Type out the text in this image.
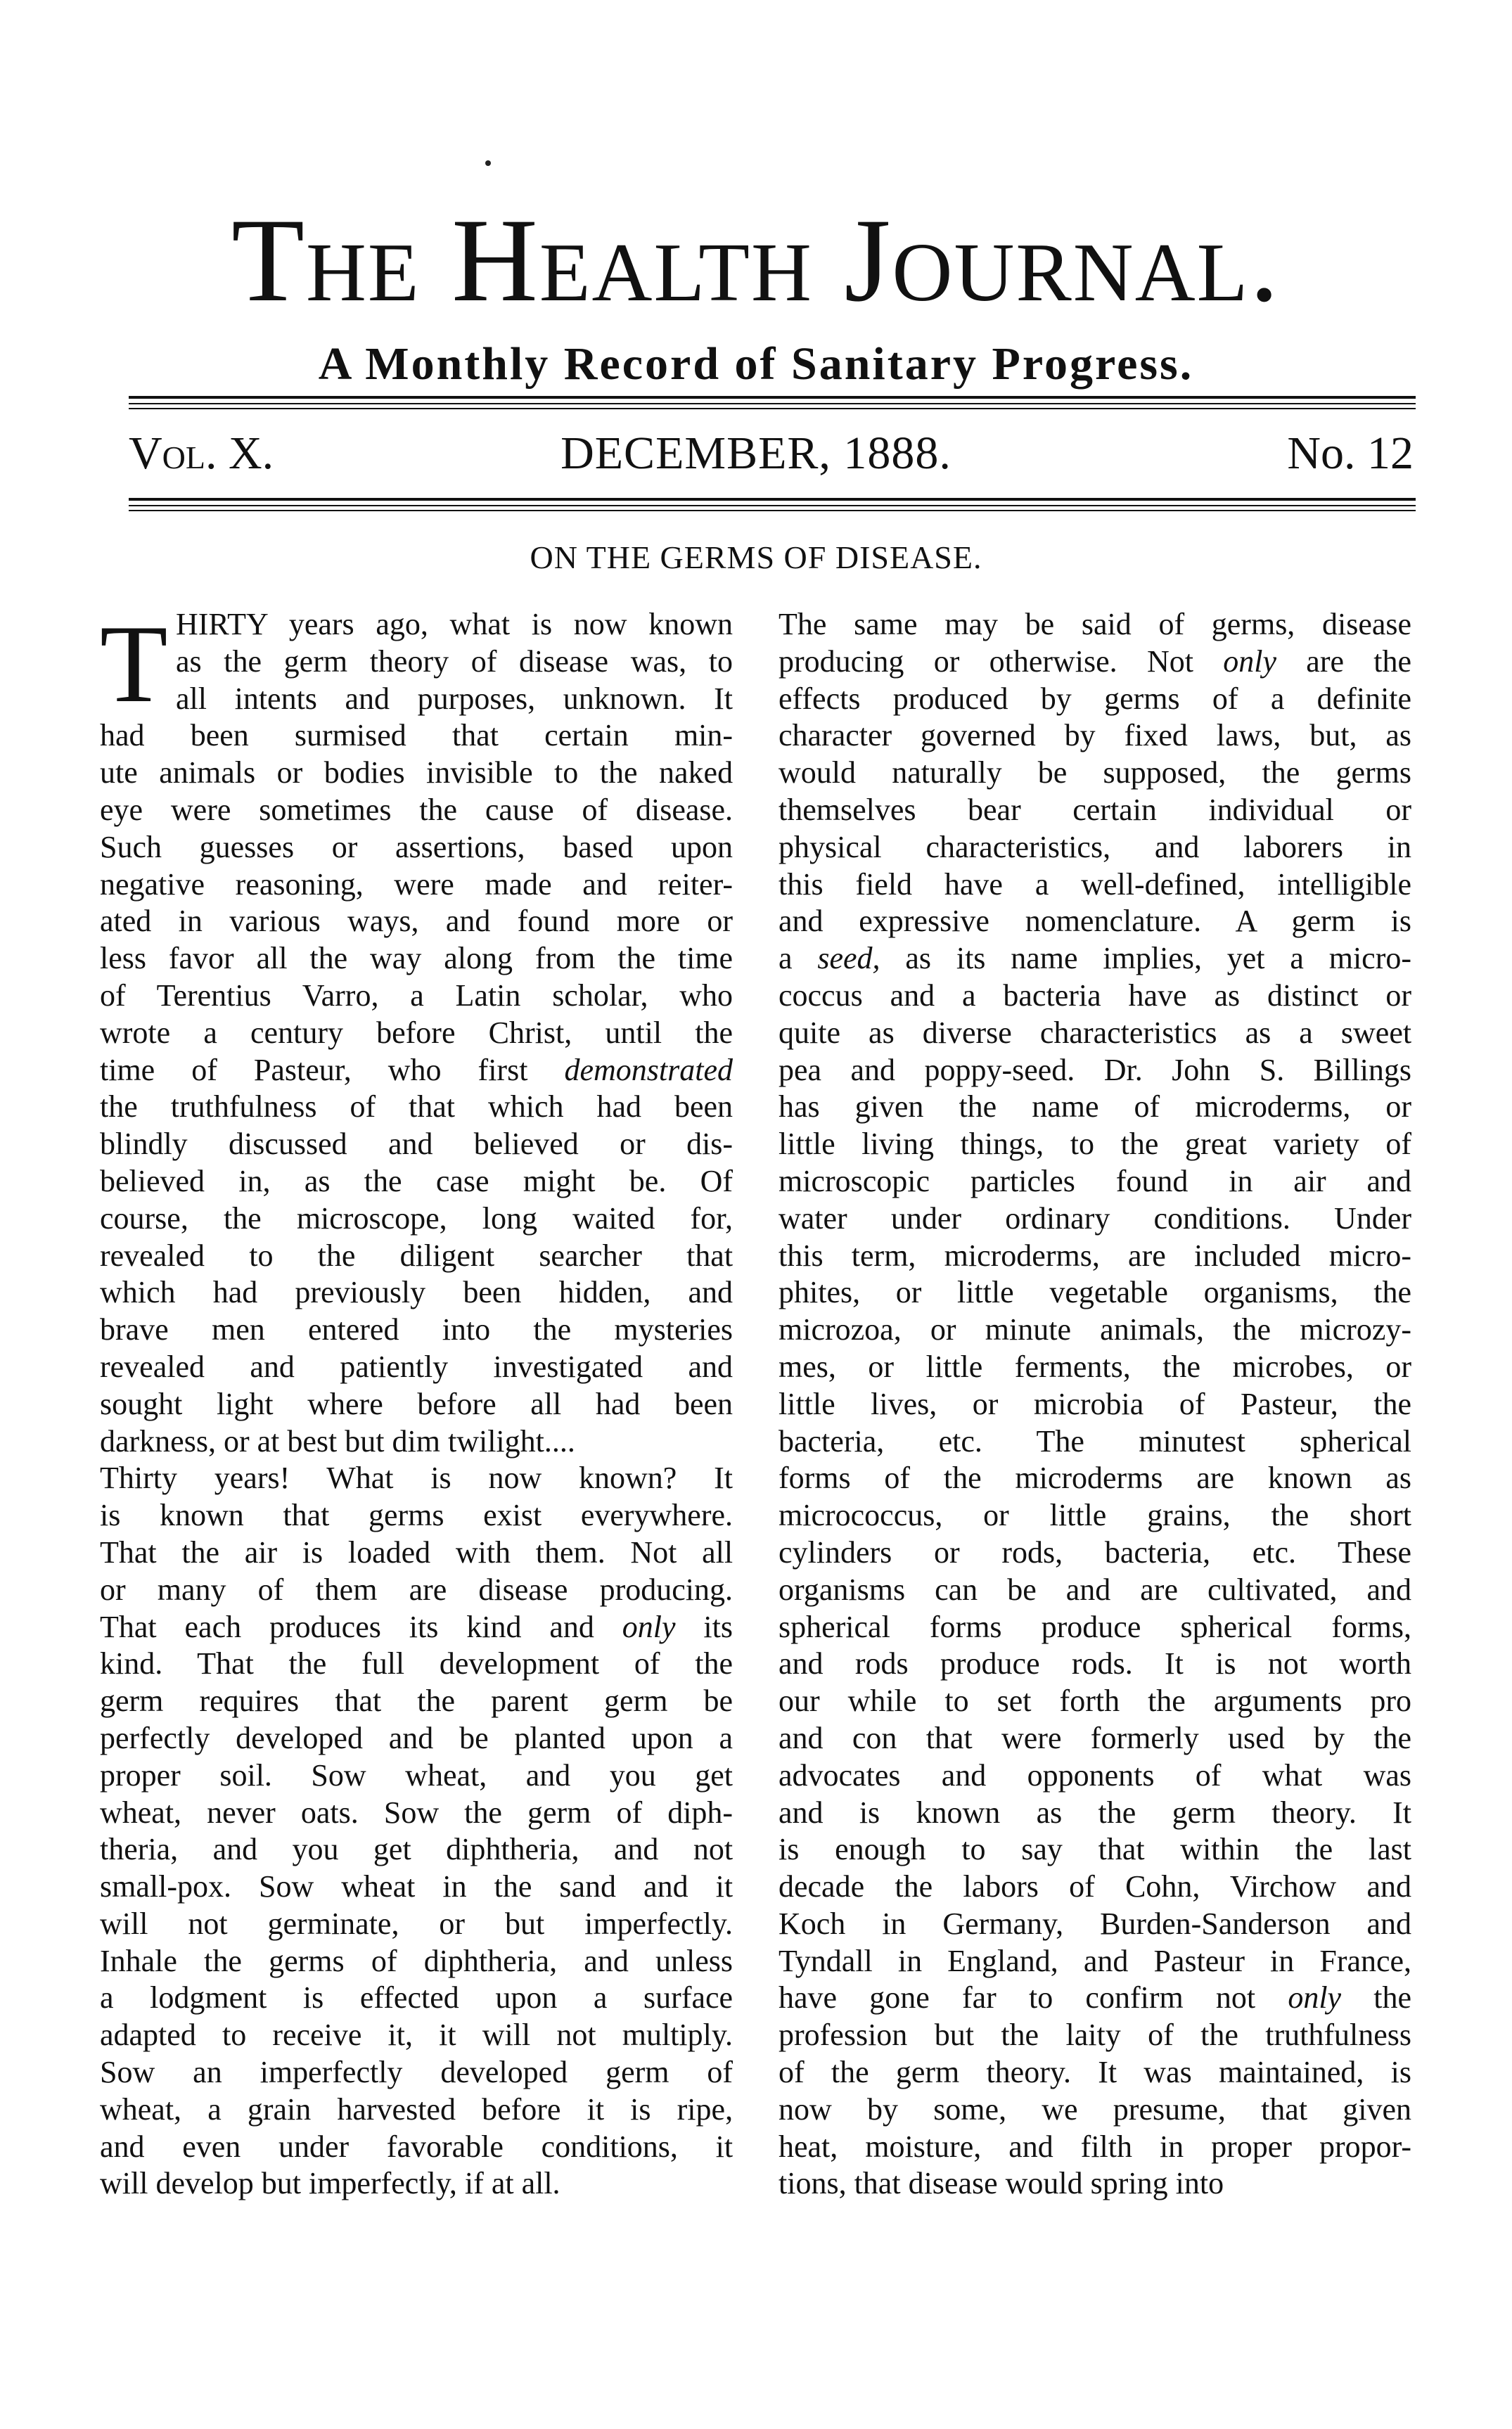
The Health Journal.
A Monthly Record of Sanitary Progress.
Vol. X.	DECEMBER, 1888.	No. 12
ON THE GERMS OF DISEASE.
T HIRTY years ago, what is now known
as the germ theory of disease was, to
all intents and purposes, unknown. It
had been surmised that certain min-
ute animals or bodies invisible to the naked
eye were sometimes the cause of disease.
Such guesses or assertions, based upon
negative reasoning, were made and reiter-
ated in various ways, and found more or
less favor all the way along from the time
of Terentius Varro, a Latin scholar, who
wrote a century before Christ, until the
time of Pasteur, who first demonstrated
the truthfulness of that which had been
blindly discussed and believed or dis-
believed in, as the case might be. Of
course, the microscope, long waited for,
revealed to the diligent searcher that
which had previously been hidden, and
brave men entered into the mysteries
revealed and patiently investigated and
sought light where before all had been
darkness, or at best but dim twilight....
Thirty years! What is now known? It
is known that germs exist everywhere.
That the air is loaded with them. Not all
or many of them are disease producing.
That each produces its kind and only its
kind. That the full development of the
germ requires that the parent germ be
perfectly developed and be planted upon a
proper soil. Sow wheat, and you get
wheat, never oats. Sow the germ of diph-
theria, and you get diphtheria, and not
small-pox. Sow wheat in the sand and it
will not germinate, or but imperfectly.
Inhale the germs of diphtheria, and unless
a lodgment is effected upon a surface
adapted to receive it, it will not multiply.
Sow an imperfectly developed germ of
wheat, a grain harvested before it is ripe,
and even under favorable conditions, it
will develop but imperfectly, if at all.
The same may be said of germs, disease
producing or otherwise. Not only are the
effects produced by germs of a definite
character governed by fixed laws, but, as
would naturally be supposed, the germs
themselves bear certain individual or
physical characteristics, and laborers in
this field have a well-defined, intelligible
and expressive nomenclature. A germ is
a seed, as its name implies, yet a micro-
coccus and a bacteria have as distinct or
quite as diverse characteristics as a sweet
pea and poppy-seed. Dr. John S. Billings
has given the name of microderms, or
little living things, to the great variety of
microscopic particles found in air and
water under ordinary conditions. Under
this term, microderms, are included micro-
phites, or little vegetable organisms, the
microzoa, or minute animals, the microzy-
mes, or little ferments, the microbes, or
little lives, or microbia of Pasteur, the
bacteria, etc. The minutest spherical
forms of the microderms are known as
micrococcus, or little grains, the short
cylinders or rods, bacteria, etc. These
organisms can be and are cultivated, and
spherical forms produce spherical forms,
and rods produce rods. It is not worth
our while to set forth the arguments pro
and con that were formerly used by the
advocates and opponents of what was
and is known as the germ theory. It
is enough to say that within the last
decade the labors of Cohn, Virchow and
Koch in Germany, Burden-Sanderson and
Tyndall in England, and Pasteur in France,
have gone far to confirm not only the
profession but the laity of the truthfulness
of the germ theory. It was maintained, is
now by some, we presume, that given
heat, moisture, and filth in proper propor-
tions, that disease would spring into
